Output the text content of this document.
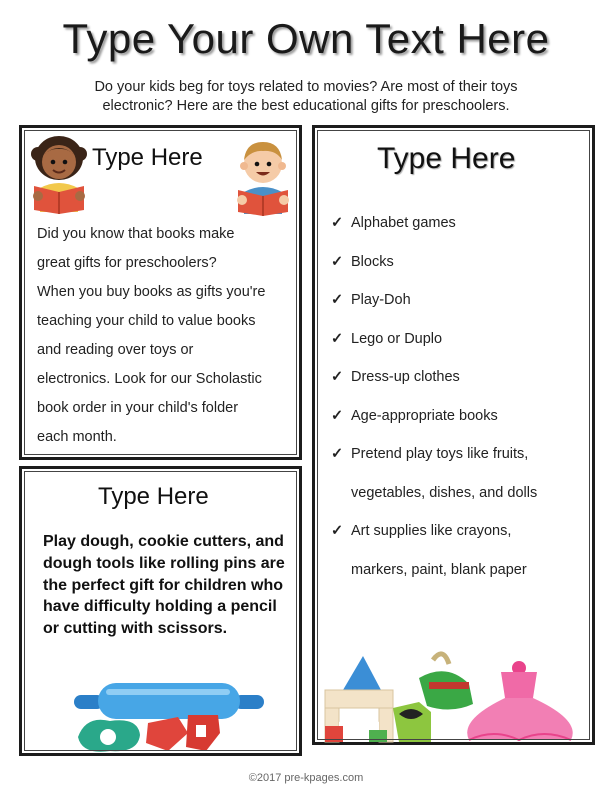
Type Your Own Text Here
Do your kids beg for toys related to movies? Are most of their toys
electronic? Here are the best educational gifts for preschoolers.
Type Here
Did you know that books make
great gifts for preschoolers?
When you buy books as gifts you're
teaching your child to value books
and reading over toys or
electronics. Look for our Scholastic
book order in your child's folder
each month.
Type Here
✓ Alphabet games
✓ Blocks
✓ Play-Doh
✓ Lego or Duplo
✓ Dress-up clothes
✓ Age-appropriate books
✓ Pretend play toys like fruits,
vegetables, dishes, and dolls
✓ Art supplies like crayons,
markers, paint, blank paper
Type Here
Play dough, cookie cutters, and dough tools like rolling pins are the perfect gift for children who have difficulty holding a pencil or cutting with scissors.
©2017 pre-kpages.com
